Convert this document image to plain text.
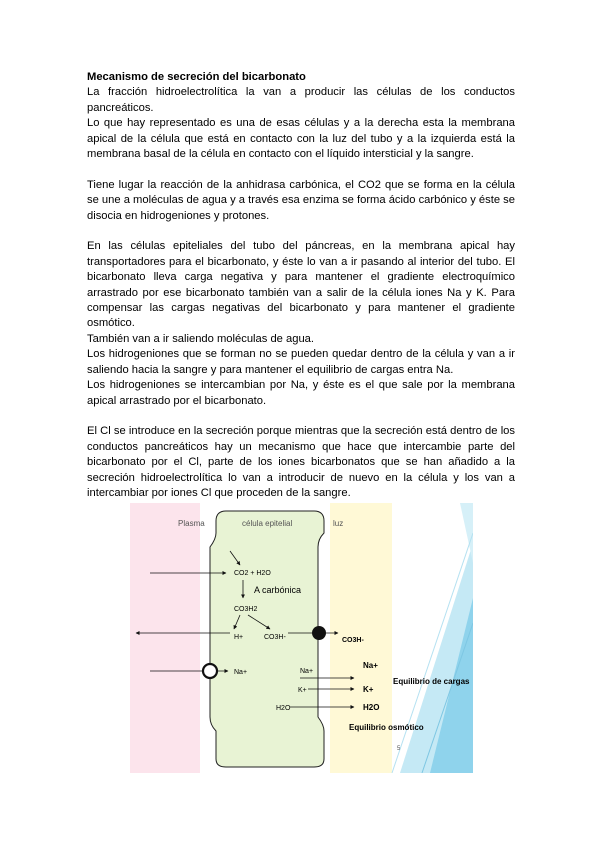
Mecanismo de secreción del bicarbonato

La fracción hidroelectrolítica la van a producir las células de los conductos pancreáticos.

Lo que hay representado es una de esas células y a la derecha esta la membrana apical de la célula que está en contacto con la luz del tubo y a la izquierda está la membrana basal de la célula en contacto con el líquido intersticial y la sangre.

Tiene lugar la reacción de la anhidrasa carbónica, el CO2 que se forma en la célula se une a moléculas de agua y a través esa enzima se forma ácido carbónico y éste se disocia en hidrogeniones y protones.

En las células epiteliales del tubo del páncreas, en la membrana apical hay transportadores para el bicarbonato, y éste lo van a ir pasando al interior del tubo. El bicarbonato lleva carga negativa y para mantener el gradiente electroquímico arrastrado por ese bicarbonato también van a salir de la célula iones Na y K. Para compensar las cargas negativas del bicarbonato y para mantener el gradiente osmótico.

También van a ir saliendo moléculas de agua.

Los hidrogeniones que se forman no se pueden quedar dentro de la célula y van a ir saliendo hacia la sangre y para mantener el equilibrio de cargas entra Na.

Los hidrogeniones se intercambian por Na, y éste es el que sale por la membrana apical arrastrado por el bicarbonato.

El Cl se introduce en la secreción porque mientras que la secreción está dentro de los conductos pancreáticos hay un mecanismo que hace que intercambie parte del bicarbonato por el Cl, parte de los iones bicarbonatos que se han añadido a la secreción hidroelectrolítica lo van a introducir de nuevo en la célula y los van a intercambiar por iones Cl que proceden de la sangre.

Plasma	célula epitelial	luz
CO2 + H2O
A carbónica
CO3H2
H+	CO3H-	CO3H-
Na+	Na+
K+
H2O
Na+
K+
H2O
Equilibrio de cargas
Equilibrio osmótico
5
